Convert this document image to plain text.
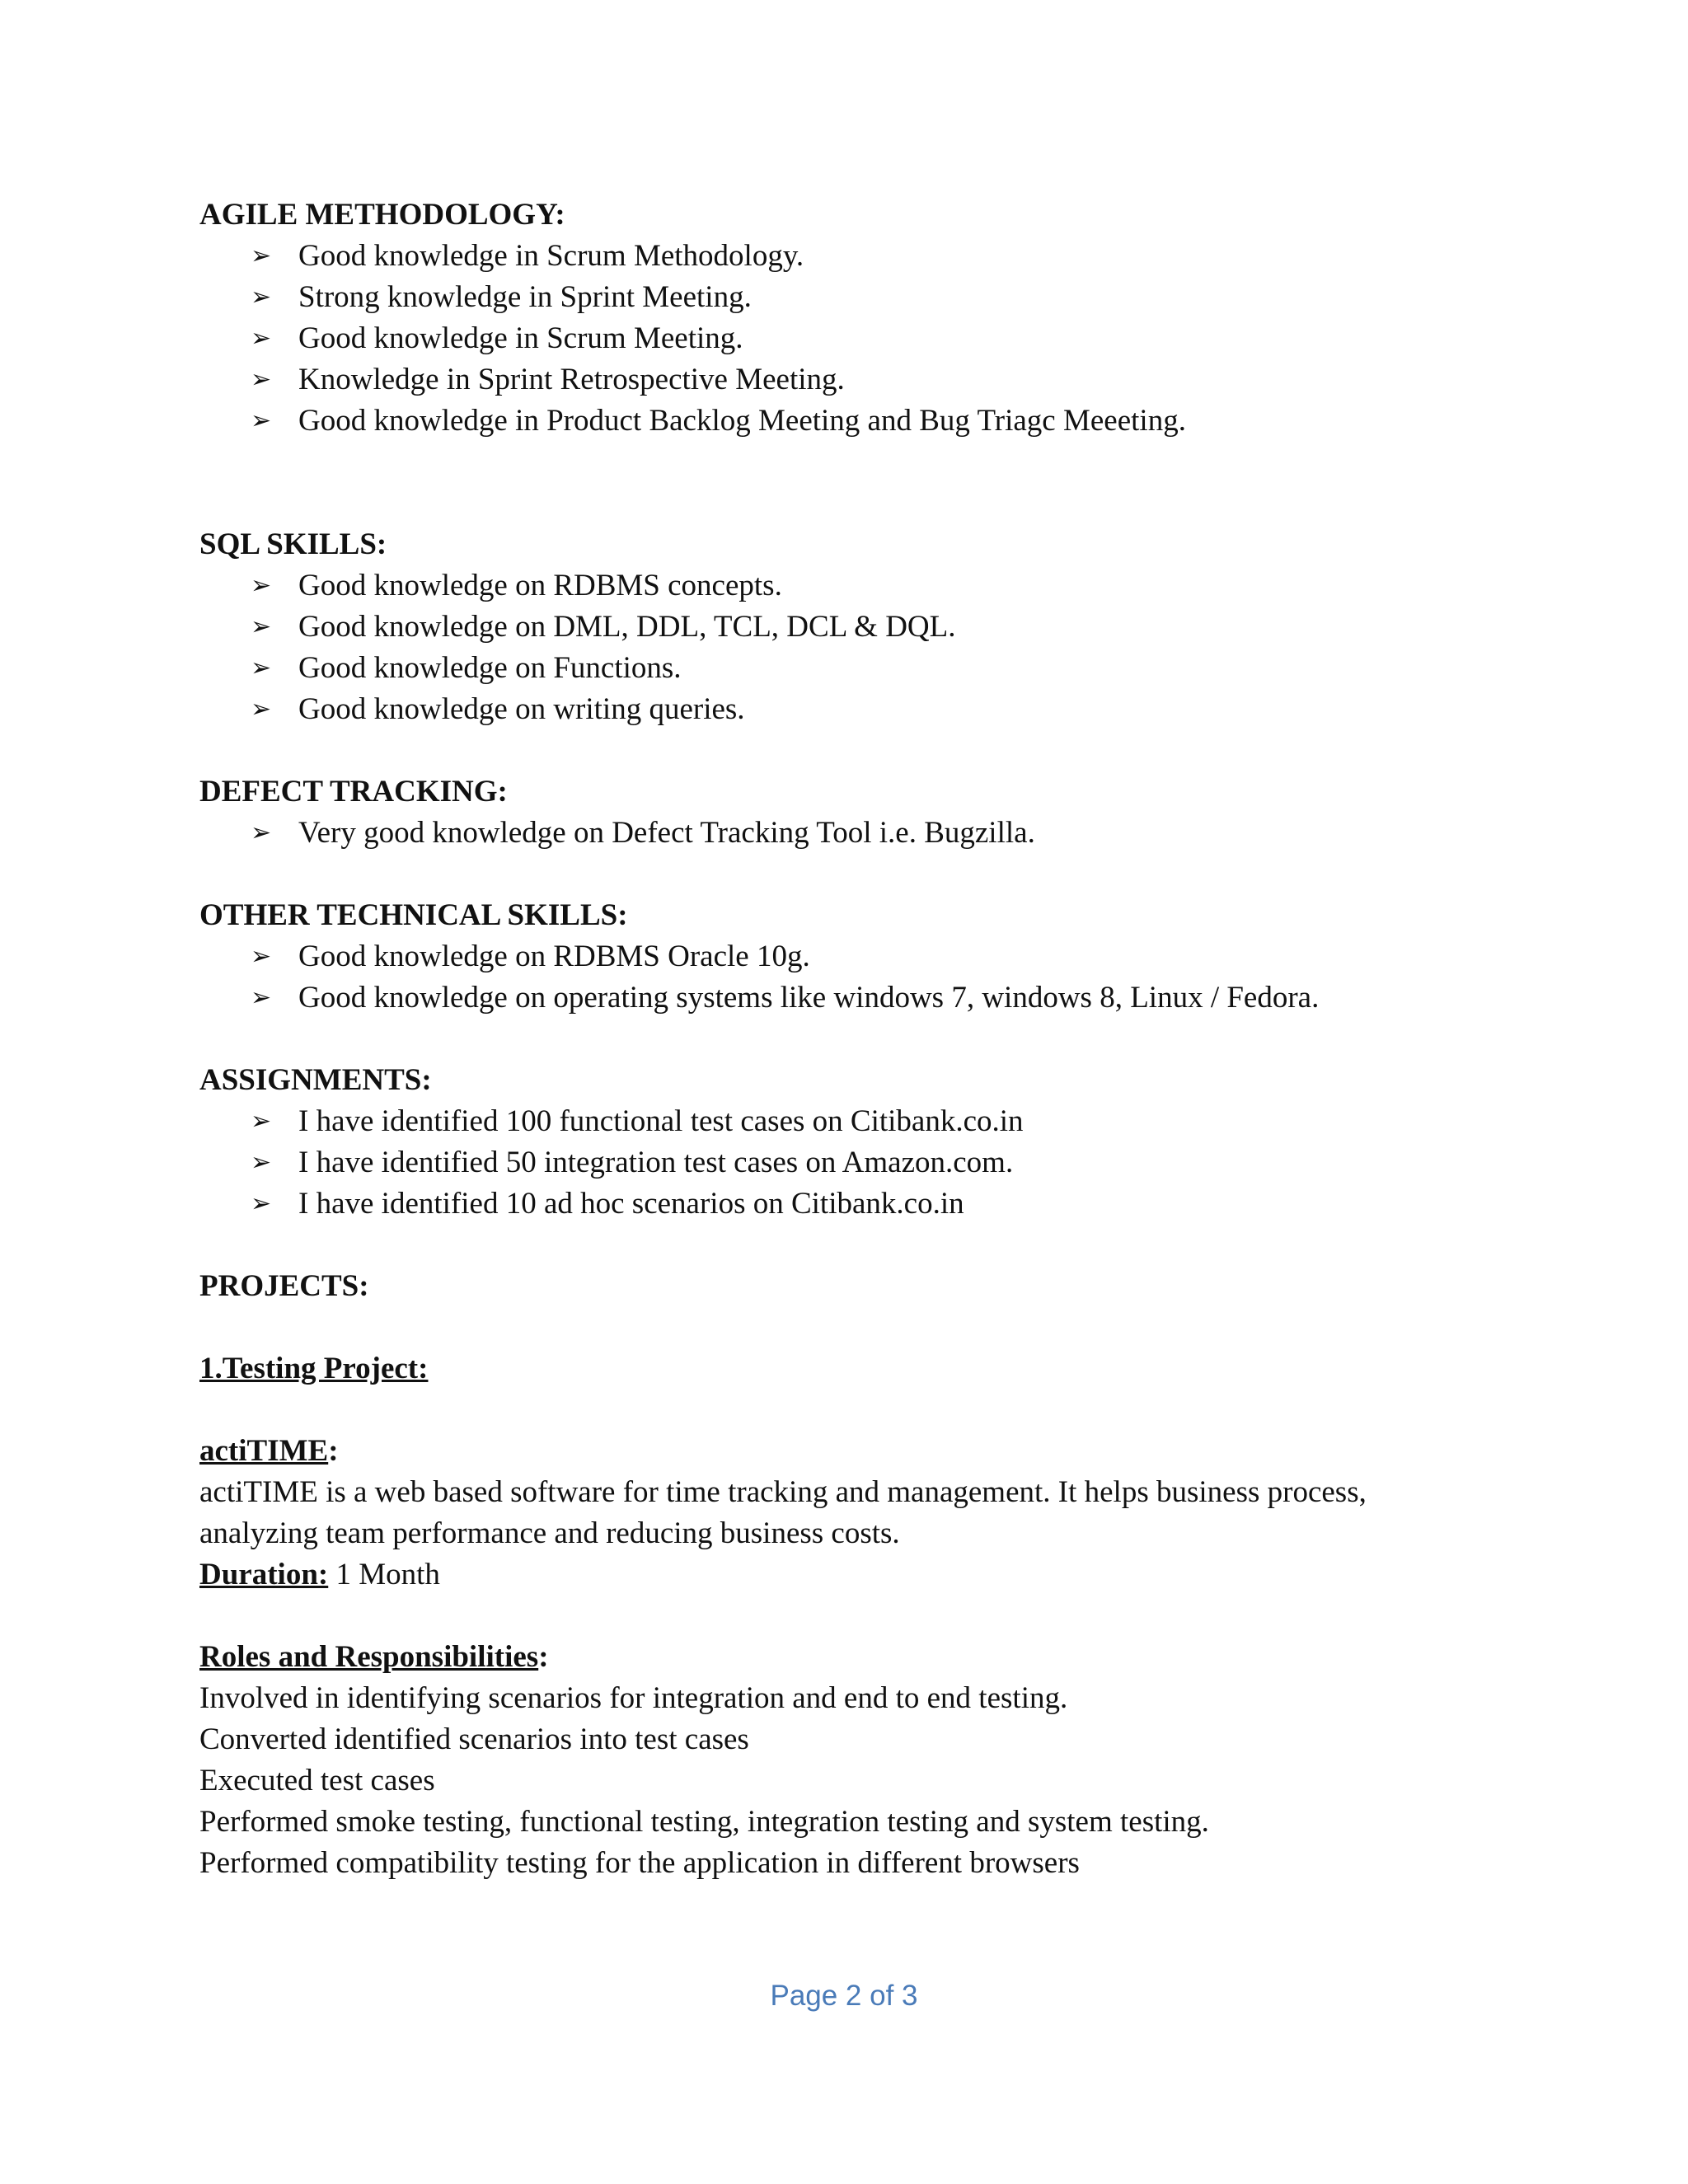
AGILE METHODOLOGY:
➢ Good knowledge in Scrum Methodology.
➢ Strong knowledge in Sprint Meeting.
➢ Good knowledge in Scrum Meeting.
➢ Knowledge in Sprint Retrospective Meeting.
➢ Good knowledge in Product Backlog Meeting and Bug Triagc Meeeting.
SQL SKILLS:
➢ Good knowledge on RDBMS concepts.
➢ Good knowledge on DML, DDL, TCL, DCL & DQL.
➢ Good knowledge on Functions.
➢ Good knowledge on writing queries.
DEFECT TRACKING:
➢ Very good knowledge on Defect Tracking Tool i.e. Bugzilla.
OTHER TECHNICAL SKILLS:
➢ Good knowledge on RDBMS Oracle 10g.
➢ Good knowledge on operating systems like windows 7, windows 8, Linux / Fedora.
ASSIGNMENTS:
➢ I have identified 100 functional test cases on Citibank.co.in
➢ I have identified 50 integration test cases on Amazon.com.
➢ I have identified 10 ad hoc scenarios on Citibank.co.in
PROJECTS:
1.Testing Project:
actiTIME:

actiTIME is a web based software for time tracking and management. It helps business process, analyzing team performance and reducing business costs.

Duration: 1 Month
Roles and Responsibilities:
Involved in identifying scenarios for integration and end to end testing.
Converted identified scenarios into test cases
Executed test cases
Performed smoke testing, functional testing, integration testing and system testing.
Performed compatibility testing for the application in different browsers
Page 2 of 3
